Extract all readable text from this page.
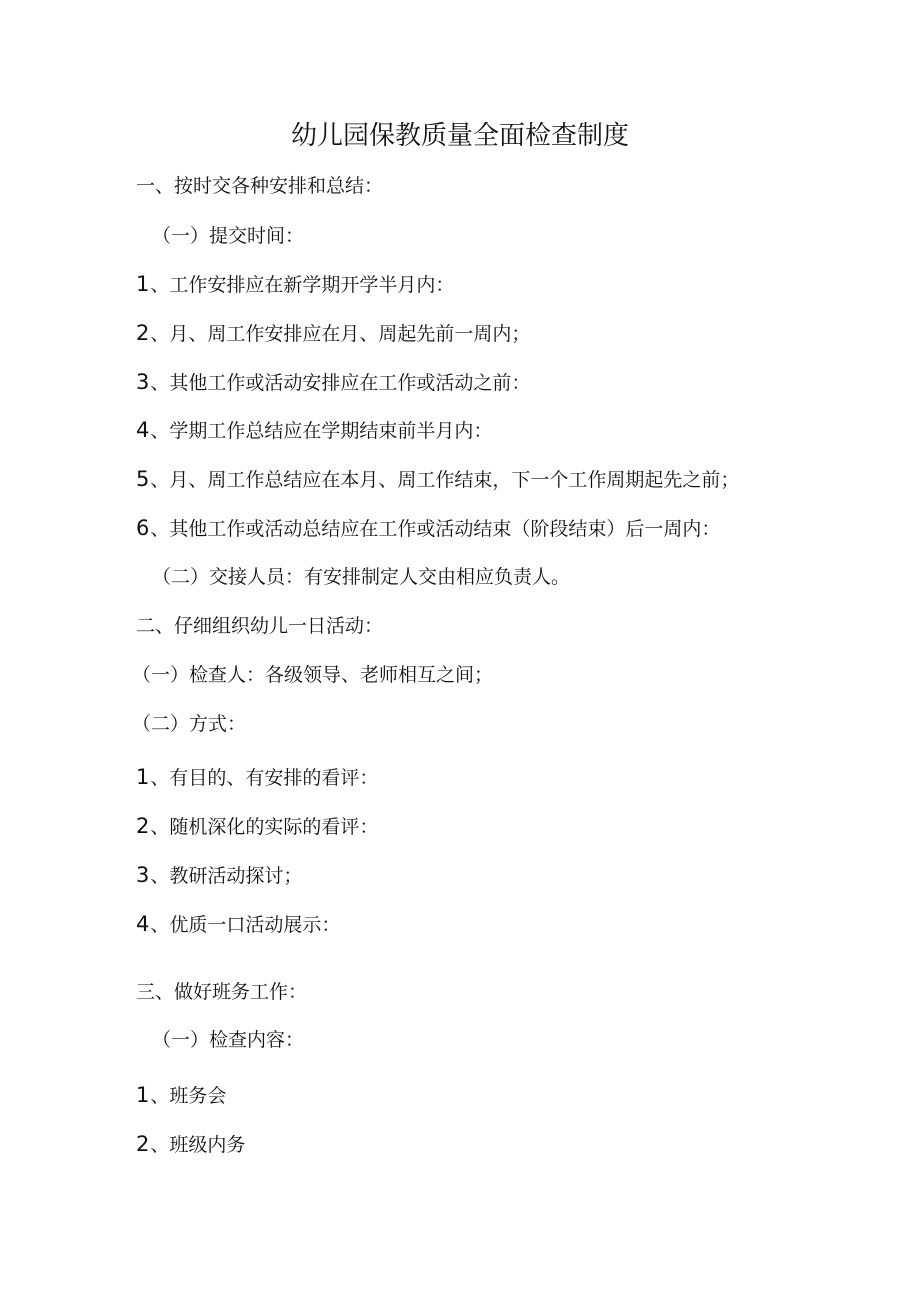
幼儿园保教质量全面检查制度
一、按时交各种安排和总结：
（一）提交时间：
1、工作安排应在新学期开学半月内：
2、月、周工作安排应在月、周起先前一周内；
3、其他工作或活动安排应在工作或活动之前：
4、学期工作总结应在学期结束前半月内：
5、月、周工作总结应在本月、周工作结束，下一个工作周期起先之前；
6、其他工作或活动总结应在工作或活动结束（阶段结束）后一周内：
（二）交接人员：有安排制定人交由相应负责人。
二、仔细组织幼儿一日活动：
（一）检查人：各级领导、老师相互之间；
（二）方式：
1、有目的、有安排的看评：
2、随机深化的实际的看评：
3、教研活动探讨；
4、优质一口活动展示：
三、做好班务工作：
（一）检查内容：
1、班务会
2、班级内务
